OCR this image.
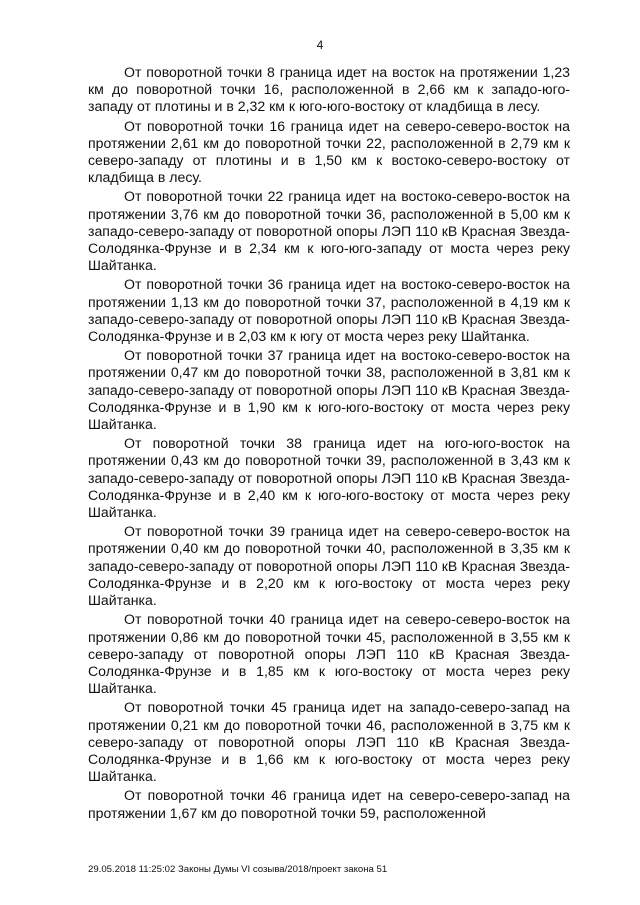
4

От поворотной точки 8 граница идет на восток на протяжении 1,23 км до поворотной точки 16, расположенной в 2,66 км к западо-юго-западу от плотины и в 2,32 км к юго-юго-востоку от кладбища в лесу.

От поворотной точки 16 граница идет на северо-северо-восток на протяжении 2,61 км до поворотной точки 22, расположенной в 2,79 км к северо-западу от плотины и в 1,50 км к востоко-северо-востоку от кладбища в лесу.

От поворотной точки 22 граница идет на востоко-северо-восток на протяжении 3,76 км до поворотной точки 36, расположенной в 5,00 км к западо-северо-западу от поворотной опоры ЛЭП 110 кВ Красная Звезда-Солодянка-Фрунзе и в 2,34 км к юго-юго-западу от моста через реку Шайтанка.

От поворотной точки 36 граница идет на востоко-северо-восток на протяжении 1,13 км до поворотной точки 37, расположенной в 4,19 км к западо-северо-западу от поворотной опоры ЛЭП 110 кВ Красная Звезда-Солодянка-Фрунзе и в 2,03 км к югу от моста через реку Шайтанка.

От поворотной точки 37 граница идет на востоко-северо-восток на протяжении 0,47 км до поворотной точки 38, расположенной в 3,81 км к западо-северо-западу от поворотной опоры ЛЭП 110 кВ Красная Звезда-Солодянка-Фрунзе и в 1,90 км к юго-юго-востоку от моста через реку Шайтанка.

От поворотной точки 38 граница идет на юго-юго-восток на протяжении 0,43 км до поворотной точки 39, расположенной в 3,43 км к западо-северо-западу от поворотной опоры ЛЭП 110 кВ Красная Звезда-Солодянка-Фрунзе и в 2,40 км к юго-юго-востоку от моста через реку Шайтанка.

От поворотной точки 39 граница идет на северо-северо-восток на протяжении 0,40 км до поворотной точки 40, расположенной в 3,35 км к западо-северо-западу от поворотной опоры ЛЭП 110 кВ Красная Звезда-Солодянка-Фрунзе и в 2,20 км к юго-востоку от моста через реку Шайтанка.

От поворотной точки 40 граница идет на северо-северо-восток на протяжении 0,86 км до поворотной точки 45, расположенной в 3,55 км к северо-западу от поворотной опоры ЛЭП 110 кВ Красная Звезда-Солодянка-Фрунзе и в 1,85 км к юго-востоку от моста через реку Шайтанка.

От поворотной точки 45 граница идет на западо-северо-запад на протяжении 0,21 км до поворотной точки 46, расположенной в 3,75 км к северо-западу от поворотной опоры ЛЭП 110 кВ Красная Звезда-Солодянка-Фрунзе и в 1,66 км к юго-востоку от моста через реку Шайтанка.

От поворотной точки 46 граница идет на северо-северо-запад на протяжении 1,67 км до поворотной точки 59, расположенной

29.05.2018 11:25:02 Законы Думы VI созыва/2018/проект закона 51
